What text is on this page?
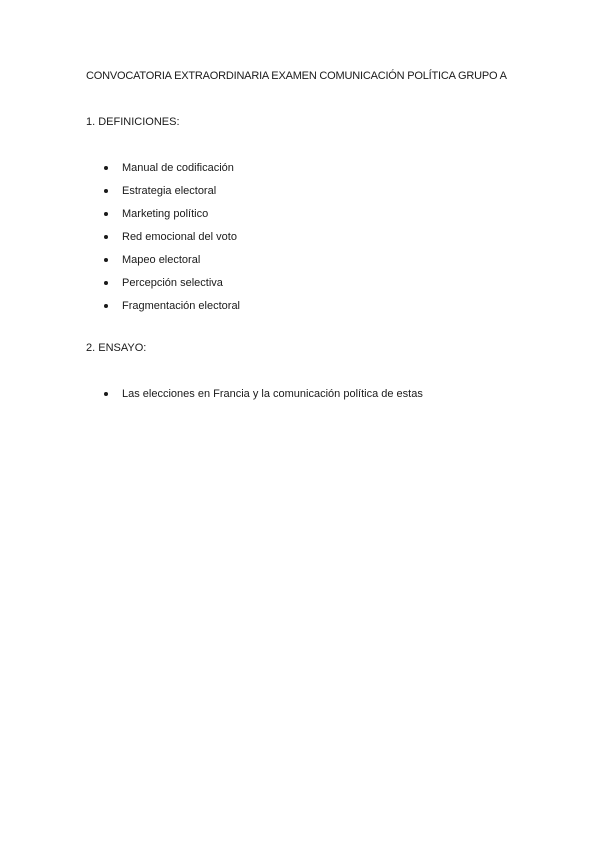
CONVOCATORIA EXTRAORDINARIA EXAMEN COMUNICACIÓN POLÍTICA GRUPO A
1. DEFINICIONES:
Manual de codificación
Estrategia electoral
Marketing político
Red emocional del voto
Mapeo electoral
Percepción selectiva
Fragmentación electoral
2. ENSAYO:
Las elecciones en Francia y la comunicación política de estas
